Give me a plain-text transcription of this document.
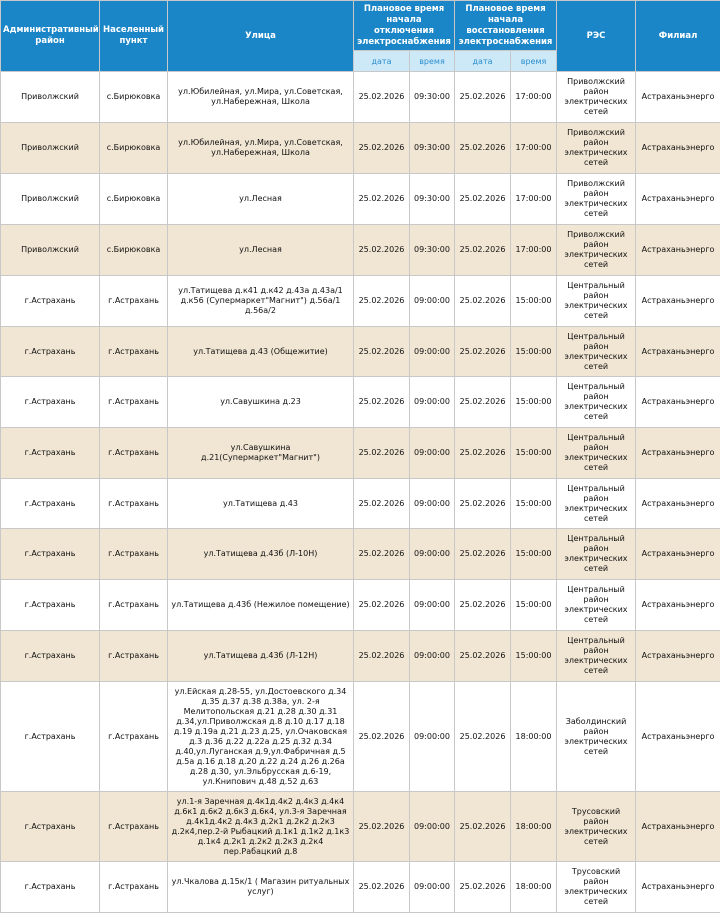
Административный район	Населенный пункт	Улица	Плановое время начала отключения электроснабжения		Плановое время начала восстановления электроснабжения		РЭС	Филиал
			дата	время	дата	время		
Приволжский	с.Бирюковка	ул.Юбилейная, ул.Мира, ул.Советская, ул.Набережная, Школа	25.02.2026	09:30:00	25.02.2026	17:00:00	Приволжский район электрических сетей	Астраханьэнерго
Приволжский	с.Бирюковка	ул.Юбилейная, ул.Мира, ул.Советская, ул.Набережная, Школа	25.02.2026	09:30:00	25.02.2026	17:00:00	Приволжский район электрических сетей	Астраханьэнерго
Приволжский	с.Бирюковка	ул.Лесная	25.02.2026	09:30:00	25.02.2026	17:00:00	Приволжский район электрических сетей	Астраханьэнерго
Приволжский	с.Бирюковка	ул.Лесная	25.02.2026	09:30:00	25.02.2026	17:00:00	Приволжский район электрических сетей	Астраханьэнерго
г.Астрахань	г.Астрахань	ул.Татищева д.к41 д.к42 д.43а д.43а/1 д.к56 (Супермаркет"Магнит") д.56а/1 д.56а/2	25.02.2026	09:00:00	25.02.2026	15:00:00	Центральный район электрических сетей	Астраханьэнерго
г.Астрахань	г.Астрахань	ул.Татищева д.43 (Общежитие)	25.02.2026	09:00:00	25.02.2026	15:00:00	Центральный район электрических сетей	Астраханьэнерго
г.Астрахань	г.Астрахань	ул.Савушкина д.23	25.02.2026	09:00:00	25.02.2026	15:00:00	Центральный район электрических сетей	Астраханьэнерго
г.Астрахань	г.Астрахань	ул.Савушкина д.21(Супермаркет"Магнит")	25.02.2026	09:00:00	25.02.2026	15:00:00	Центральный район электрических сетей	Астраханьэнерго
г.Астрахань	г.Астрахань	ул.Татищева д.43	25.02.2026	09:00:00	25.02.2026	15:00:00	Центральный район электрических сетей	Астраханьэнерго
г.Астрахань	г.Астрахань	ул.Татищева д.43б (Л-10Н)	25.02.2026	09:00:00	25.02.2026	15:00:00	Центральный район электрических сетей	Астраханьэнерго
г.Астрахань	г.Астрахань	ул.Татищева д.43б (Нежилое помещение)	25.02.2026	09:00:00	25.02.2026	15:00:00	Центральный район электрических сетей	Астраханьэнерго
г.Астрахань	г.Астрахань	ул.Татищева д.43б (Л-12Н)	25.02.2026	09:00:00	25.02.2026	15:00:00	Центральный район электрических сетей	Астраханьэнерго
г.Астрахань	г.Астрахань	ул.Ейская д.28-55, ул.Достоевского д.34 д.35 д.37 д.38 д.38а, ул. 2-я Мелитопольская д.21 д.28 д.30 д.31 д.34,ул.Приволжская д.8 д.10 д.17 д.18 д.19 д.19а д.21 д.23 д.25, ул.Очаковская д.3 д.36 д.22 д.22а д.25 д.32 д.34 д.40,ул.Луганская д.9,ул.Фабричная д.5 д.5а д.16 д.18 д.20 д.22 д.24 д.26 д.26а д.28 д.30, ул.Эльбрусская д.6-19, ул.Книпович д.48 д.52 д.63	25.02.2026	09:00:00	25.02.2026	18:00:00	Заболдинский район электрических сетей	Астраханьэнерго
г.Астрахань	г.Астрахань	ул.1-я Заречная д.4к1д.4к2 д.4к3 д.4к4 д.6к1 д.6к2 д.6к3 д.6к4, ул.3-я Заречная д.4к1д.4к2 д.4к3 д.2к1 д.2к2 д.2к3 д.2к4,пер.2-й Рыбацкий д.1к1 д.1к2 д.1к3 д.1к4 д.2к1 д.2к2 д.2к3 д.2к4 пер.Рабацкий д.8	25.02.2026	09:00:00	25.02.2026	18:00:00	Трусовский район электрических сетей	Астраханьэнерго
г.Астрахань	г.Астрахань	ул.Чкалова д.15к/1 ( Магазин ритуальных услуг)	25.02.2026	09:00:00	25.02.2026	18:00:00	Трусовский район электрических сетей	Астраханьэнерго
